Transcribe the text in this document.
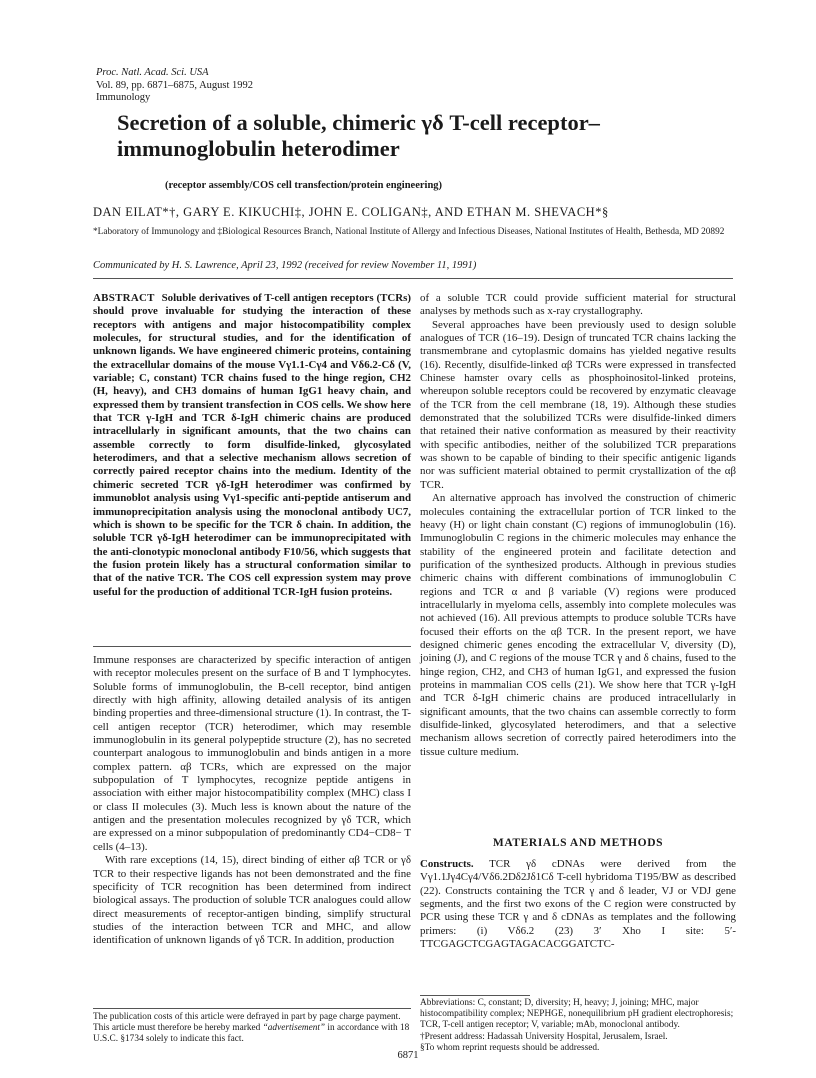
Proc. Natl. Acad. Sci. USA
Vol. 89, pp. 6871–6875, August 1992
Immunology
Secretion of a soluble, chimeric γδ T-cell receptor–immunoglobulin heterodimer
(receptor assembly/COS cell transfection/protein engineering)
DAN EILAT*†, GARY E. KIKUCHI‡, JOHN E. COLIGAN‡, AND ETHAN M. SHEVACH*§
*Laboratory of Immunology and ‡Biological Resources Branch, National Institute of Allergy and Infectious Diseases, National Institutes of Health, Bethesda, MD 20892
Communicated by H. S. Lawrence, April 23, 1992 (received for review November 11, 1991)
ABSTRACT Soluble derivatives of T-cell antigen receptors (TCRs) should prove invaluable for studying the interaction of these receptors with antigens and major histocompatibility complex molecules, for structural studies, and for the identification of unknown ligands. We have engineered chimeric proteins, containing the extracellular domains of the mouse Vγ1.1-Cγ4 and Vδ6.2-Cδ (V, variable; C, constant) TCR chains fused to the hinge region, CH2 (H, heavy), and CH3 domains of human IgG1 heavy chain, and expressed them by transient transfection in COS cells. We show here that TCR γ-IgH and TCR δ-IgH chimeric chains are produced intracellularly in significant amounts, that the two chains can assemble correctly to form disulfide-linked, glycosylated heterodimers, and that a selective mechanism allows secretion of correctly paired receptor chains into the medium. Identity of the chimeric secreted TCR γδ-IgH heterodimer was confirmed by immunoblot analysis using Vγ1-specific anti-peptide antiserum and immunoprecipitation analysis using the monoclonal antibody UC7, which is shown to be specific for the TCR δ chain. In addition, the soluble TCR γδ-IgH heterodimer can be immunoprecipitated with the anti-clonotypic monoclonal antibody F10/56, which suggests that the fusion protein likely has a structural conformation similar to that of the native TCR. The COS cell expression system may prove useful for the production of additional TCR-IgH fusion proteins.

Immune responses are characterized by specific interaction of antigen with receptor molecules present on the surface of B and T lymphocytes. Soluble forms of immunoglobulin, the B-cell receptor, bind antigen directly with high affinity, allowing detailed analysis of its antigen binding properties and three-dimensional structure (1). In contrast, the T-cell antigen receptor (TCR) heterodimer, which may resemble immunoglobulin in its general polypeptide structure (2), has no secreted counterpart analogous to immunoglobulin and binds antigen in a more complex pattern. αβ TCRs, which are expressed on the major subpopulation of T lymphocytes, recognize peptide antigens in association with either major histocompatibility complex (MHC) class I or class II molecules (3). Much less is known about the nature of the antigen and the presentation molecules recognized by γδ TCR, which are expressed on a minor subpopulation of predominantly CD4−CD8− T cells (4–13).

With rare exceptions (14, 15), direct binding of either αβ TCR or γδ TCR to their respective ligands has not been demonstrated and the fine specificity of TCR recognition has been determined from indirect biological assays. The production of soluble TCR analogues could allow direct measurements of receptor-antigen binding, simplify structural studies of the interaction between TCR and MHC, and allow identification of unknown ligands of γδ TCR. In addition, production

of a soluble TCR could provide sufficient material for structural analyses by methods such as x-ray crystallography.

Several approaches have been previously used to design soluble analogues of TCR (16–19). Design of truncated TCR chains lacking the transmembrane and cytoplasmic domains has yielded negative results (16). Recently, disulfide-linked αβ TCRs were expressed in transfected Chinese hamster ovary cells as phosphoinositol-linked proteins, whereupon soluble receptors could be recovered by enzymatic cleavage of the TCR from the cell membrane (18, 19). Although these studies demonstrated that the solubilized TCRs were disulfide-linked dimers that retained their native conformation as measured by their reactivity with specific antibodies, neither of the solubilized TCR preparations was shown to be capable of binding to their specific antigenic ligands nor was sufficient material obtained to permit crystallization of the αβ TCR.

An alternative approach has involved the construction of chimeric molecules containing the extracellular portion of TCR linked to the heavy (H) or light chain constant (C) regions of immunoglobulin (16). Immunoglobulin C regions in the chimeric molecules may enhance the stability of the engineered protein and facilitate detection and purification of the synthesized products. Although in previous studies chimeric chains with different combinations of immunoglobulin C regions and TCR α and β variable (V) regions were produced intracellularly in myeloma cells, assembly into complete molecules was not achieved (16). All previous attempts to produce soluble TCRs have focused their efforts on the αβ TCR. In the present report, we have designed chimeric genes encoding the extracellular V, diversity (D), joining (J), and C regions of the mouse TCR γ and δ chains, fused to the hinge region, CH2, and CH3 of human IgG1, and expressed the fusion proteins in mammalian COS cells (21). We show here that TCR γ-IgH and TCR δ-IgH chimeric chains are produced intracellularly in significant amounts, that the two chains can assemble correctly to form disulfide-linked, glycosylated heterodimers, and that a selective mechanism allows secretion of correctly paired heterodimers into the tissue culture medium.

MATERIALS AND METHODS
Constructs. TCR γδ cDNAs were derived from the Vγ1.1Jγ4Cγ4/Vδ6.2Dδ2Jδ1Cδ T-cell hybridoma T195/BW as described (22). Constructs containing the TCR γ and δ leader, VJ or VDJ gene segments, and the first two exons of the C region were constructed by PCR using these TCR γ and δ cDNAs as templates and the following primers: (i) Vδ6.2 (23) 3′ Xho I site: 5′-TTCGAGCTCGAGTAGACACGGATCTC-

Abbreviations: C, constant; D, diversity; H, heavy; J, joining; MHC, major histocompatibility complex; NEPHGE, nonequilibrium pH gradient electrophoresis; TCR, T-cell antigen receptor; V, variable; mAb, monoclonal antibody.

†Present address: Hadassah University Hospital, Jerusalem, Israel.

§To whom reprint requests should be addressed.

The publication costs of this article were defrayed in part by page charge payment. This article must therefore be hereby marked “advertisement” in accordance with 18 U.S.C. §1734 solely to indicate this fact.
6871
